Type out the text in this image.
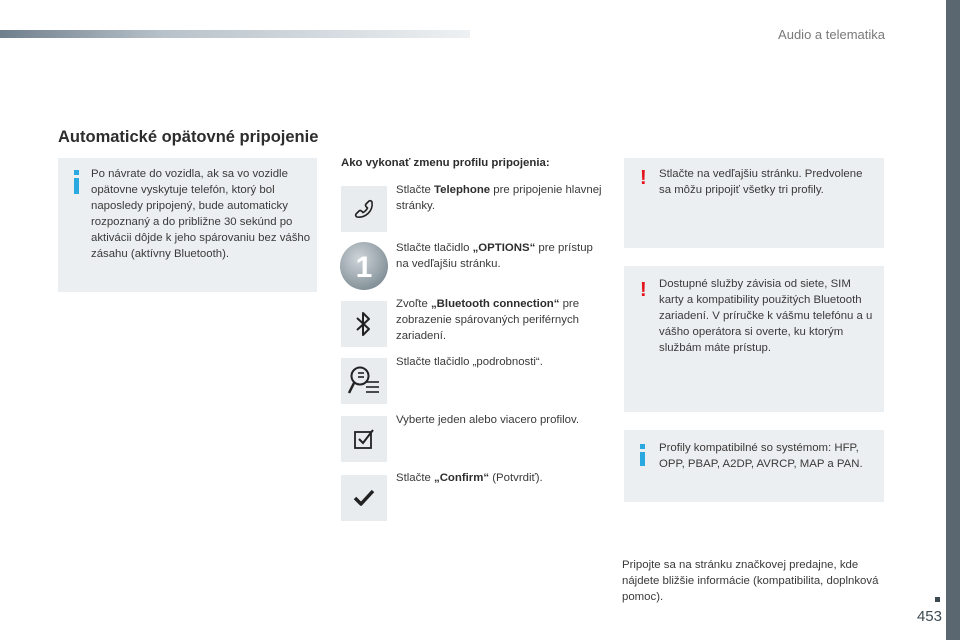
Audio a telematika
Automatické opätovné pripojenie
Po návrate do vozidla, ak sa vo vozidle opätovne vyskytuje telefón, ktorý bol naposledy pripojený, bude automaticky rozpoznaný a do približne 30 sekúnd po aktivácii dôjde k jeho spárovaniu bez vášho zásahu (aktívny Bluetooth).
Ako vykonať zmenu profilu pripojenia:
Stlačte Telephone pre pripojenie hlavnej stránky.
1
Stlačte tlačidlo „OPTIONS“ pre prístup na vedľajšiu stránku.
Zvoľte „Bluetooth connection“ pre zobrazenie spárovaných periférnych zariadení.
Stlačte tlačidlo „podrobnosti“.
Vyberte jeden alebo viacero profilov.
Stlačte „Confirm“ (Potvrdiť).
! Stlačte na vedľajšiu stránku. Predvolene sa môžu pripojiť všetky tri profily.
! Dostupné služby závisia od siete, SIM karty a kompatibility použitých Bluetooth zariadení. V príručke k vášmu telefónu a u vášho operátora si overte, ku ktorým službám máte prístup.
Profily kompatibilné so systémom: HFP, OPP, PBAP, A2DP, AVRCP, MAP a PAN.
Pripojte sa na stránku značkovej predajne, kde nájdete bližšie informácie (kompatibilita, doplnková pomoc).
453
